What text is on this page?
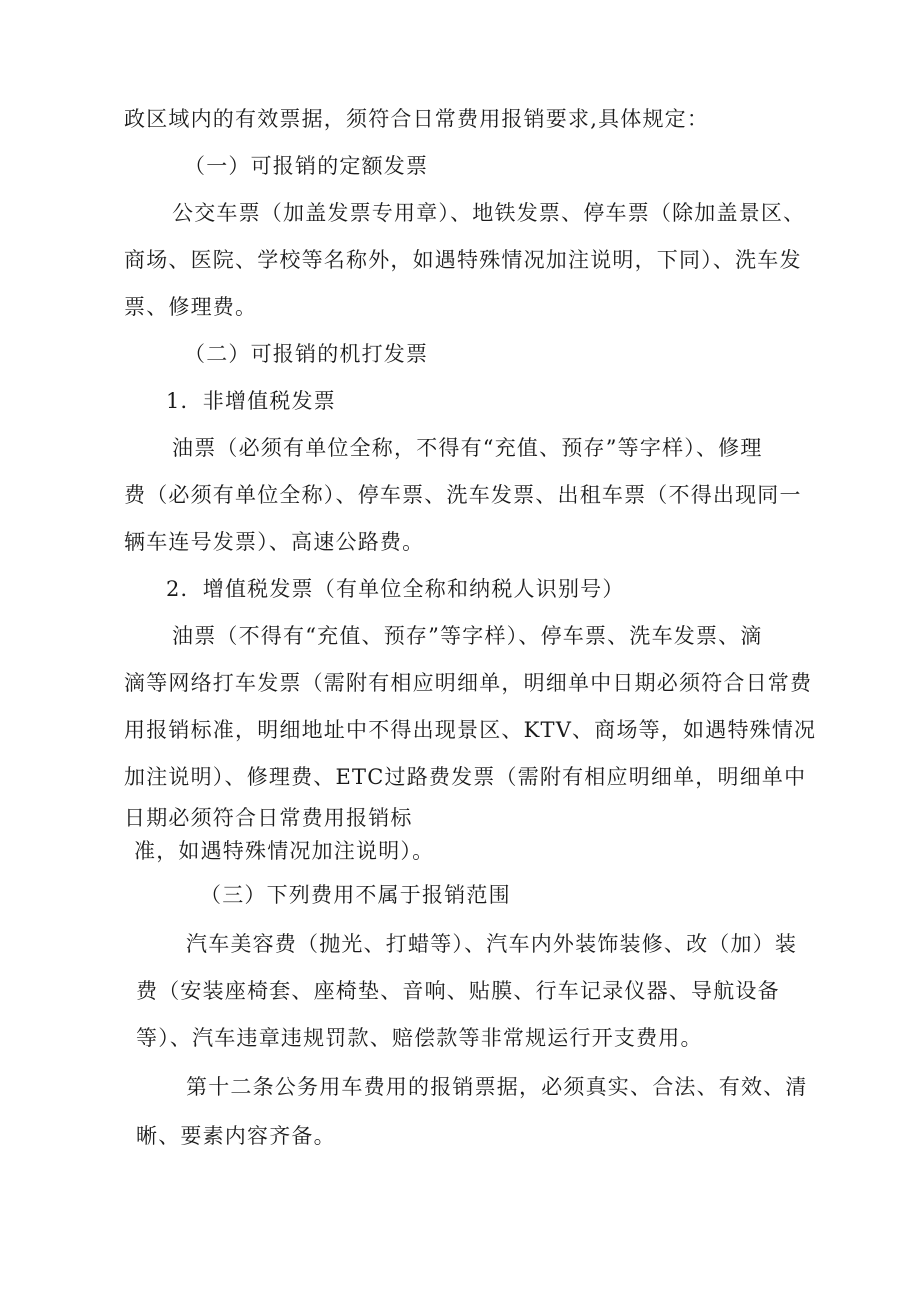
政区域内的有效票据，须符合日常费用报销要求,具体规定：
（一）可报销的定额发票
公交车票（加盖发票专用章）、地铁发票、停车票（除加盖景区、
商场、医院、学校等名称外，如遇特殊情况加注说明，下同）、洗车发
票、修理费。
（二）可报销的机打发票
1．非增值税发票
油票（必须有单位全称，不得有“充值、预存”等字样）、修理
费（必须有单位全称）、停车票、洗车发票、出租车票（不得出现同一
辆车连号发票）、高速公路费。
2．增值税发票（有单位全称和纳税人识别号）
油票（不得有“充值、预存”等字样）、停车票、洗车发票、滴
滴等网络打车发票（需附有相应明细单，明细单中日期必须符合日常费
用报销标准，明细地址中不得出现景区、KTV、商场等，如遇特殊情况
加注说明）、修理费、ETC过路费发票（需附有相应明细单，明细单中
日期必须符合日常费用报销标
准，如遇特殊情况加注说明）。
（三）下列费用不属于报销范围
汽车美容费（抛光、打蜡等）、汽车内外装饰装修、改（加）装
费（安装座椅套、座椅垫、音响、贴膜、行车记录仪器、导航设备
等）、汽车违章违规罚款、赔偿款等非常规运行开支费用。
第十二条公务用车费用的报销票据，必须真实、合法、有效、清
晰、要素内容齐备。
